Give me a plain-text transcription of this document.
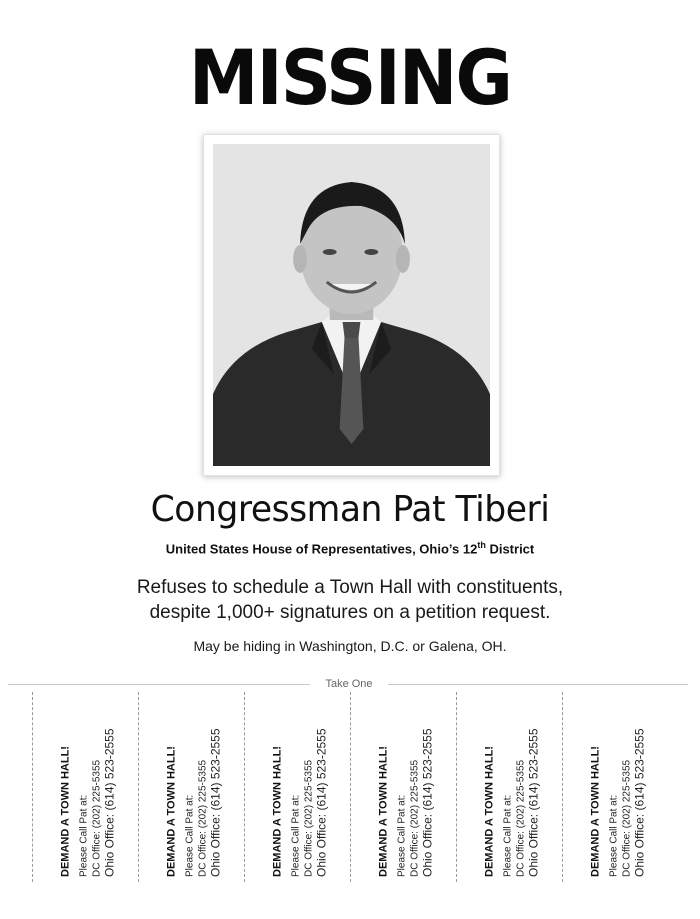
MISSING
Congressman Pat Tiberi
United States House of Representatives, Ohio’s 12th District
Refuses to schedule a Town Hall with constituents,
despite 1,000+ signatures on a petition request.
May be hiding in Washington, D.C. or Galena, OH.
Take One
DEMAND A TOWN HALL! Please Call Pat at: DC Office: (202) 225-5355 Ohio Office: (614) 523-2555	DEMAND A TOWN HALL! Please Call Pat at: DC Office: (202) 225-5355 Ohio Office: (614) 523-2555	DEMAND A TOWN HALL! Please Call Pat at: DC Office: (202) 225-5355 Ohio Office: (614) 523-2555	DEMAND A TOWN HALL! Please Call Pat at: DC Office: (202) 225-5355 Ohio Office: (614) 523-2555	DEMAND A TOWN HALL! Please Call Pat at: DC Office: (202) 225-5355 Ohio Office: (614) 523-2555	DEMAND A TOWN HALL! Please Call Pat at: DC Office: (202) 225-5355 Ohio Office: (614) 523-2555
